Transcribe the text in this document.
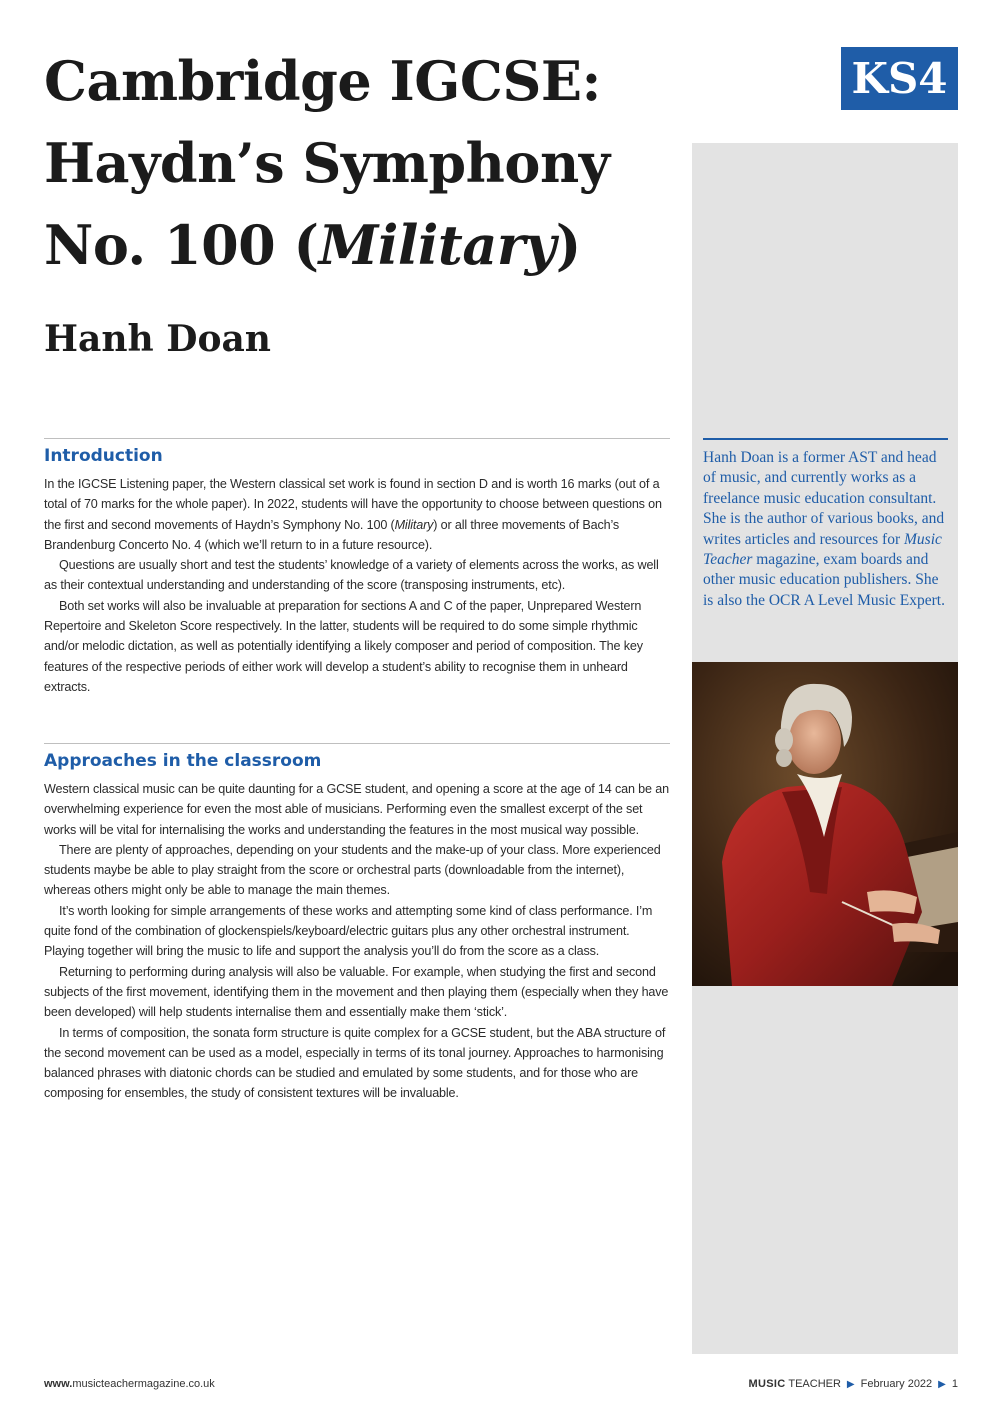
Cambridge IGCSE:
Haydn’s Symphony
No. 100 (Military)
Hanh Doan
KS4

Hanh Doan is a former AST and head of music, and currently works as a freelance music education consultant. She is the author of various books, and writes articles and resources for Music Teacher magazine, exam boards and other music education publishers. She is also the OCR A Level Music Expert.

Introduction

In the IGCSE Listening paper, the Western classical set work is found in section D and is worth 16 marks (out of a total of 70 marks for the whole paper). In 2022, students will have the opportunity to choose between questions on the first and second movements of Haydn’s Symphony No. 100 (Military) or all three movements of Bach’s Brandenburg Concerto No. 4 (which we’ll return to in a future resource).

Questions are usually short and test the students’ knowledge of a variety of elements across the works, as well as their contextual understanding and understanding of the score (transposing instruments, etc).

Both set works will also be invaluable at preparation for sections A and C of the paper, Unprepared Western Repertoire and Skeleton Score respectively. In the latter, students will be required to do some simple rhythmic and/or melodic dictation, as well as potentially identifying a likely composer and period of composition. The key features of the respective periods of either work will develop a student’s ability to recognise them in unheard extracts.

Approaches in the classroom

Western classical music can be quite daunting for a GCSE student, and opening a score at the age of 14 can be an overwhelming experience for even the most able of musicians. Performing even the smallest excerpt of the set works will be vital for internalising the works and understanding the features in the most musical way possible.

There are plenty of approaches, depending on your students and the make-up of your class. More experienced students maybe be able to play straight from the score or orchestral parts (downloadable from the internet), whereas others might only be able to manage the main themes.

It’s worth looking for simple arrangements of these works and attempting some kind of class performance. I’m quite fond of the combination of glockenspiels/keyboard/electric guitars plus any other orchestral instrument. Playing together will bring the music to life and support the analysis you’ll do from the score as a class.

Returning to performing during analysis will also be valuable. For example, when studying the first and second subjects of the first movement, identifying them in the movement and then playing them (especially when they have been developed) will help students internalise them and essentially make them ‘stick’.

In terms of composition, the sonata form structure is quite complex for a GCSE student, but the ABA structure of the second movement can be used as a model, especially in terms of its tonal journey. Approaches to harmonising balanced phrases with diatonic chords can be studied and emulated by some students, and for those who are composing for ensembles, the study of consistent textures will be invaluable.

www.musicteachermagazine.co.uk	MUSIC TEACHER ▶ February 2022 ▶ 1
